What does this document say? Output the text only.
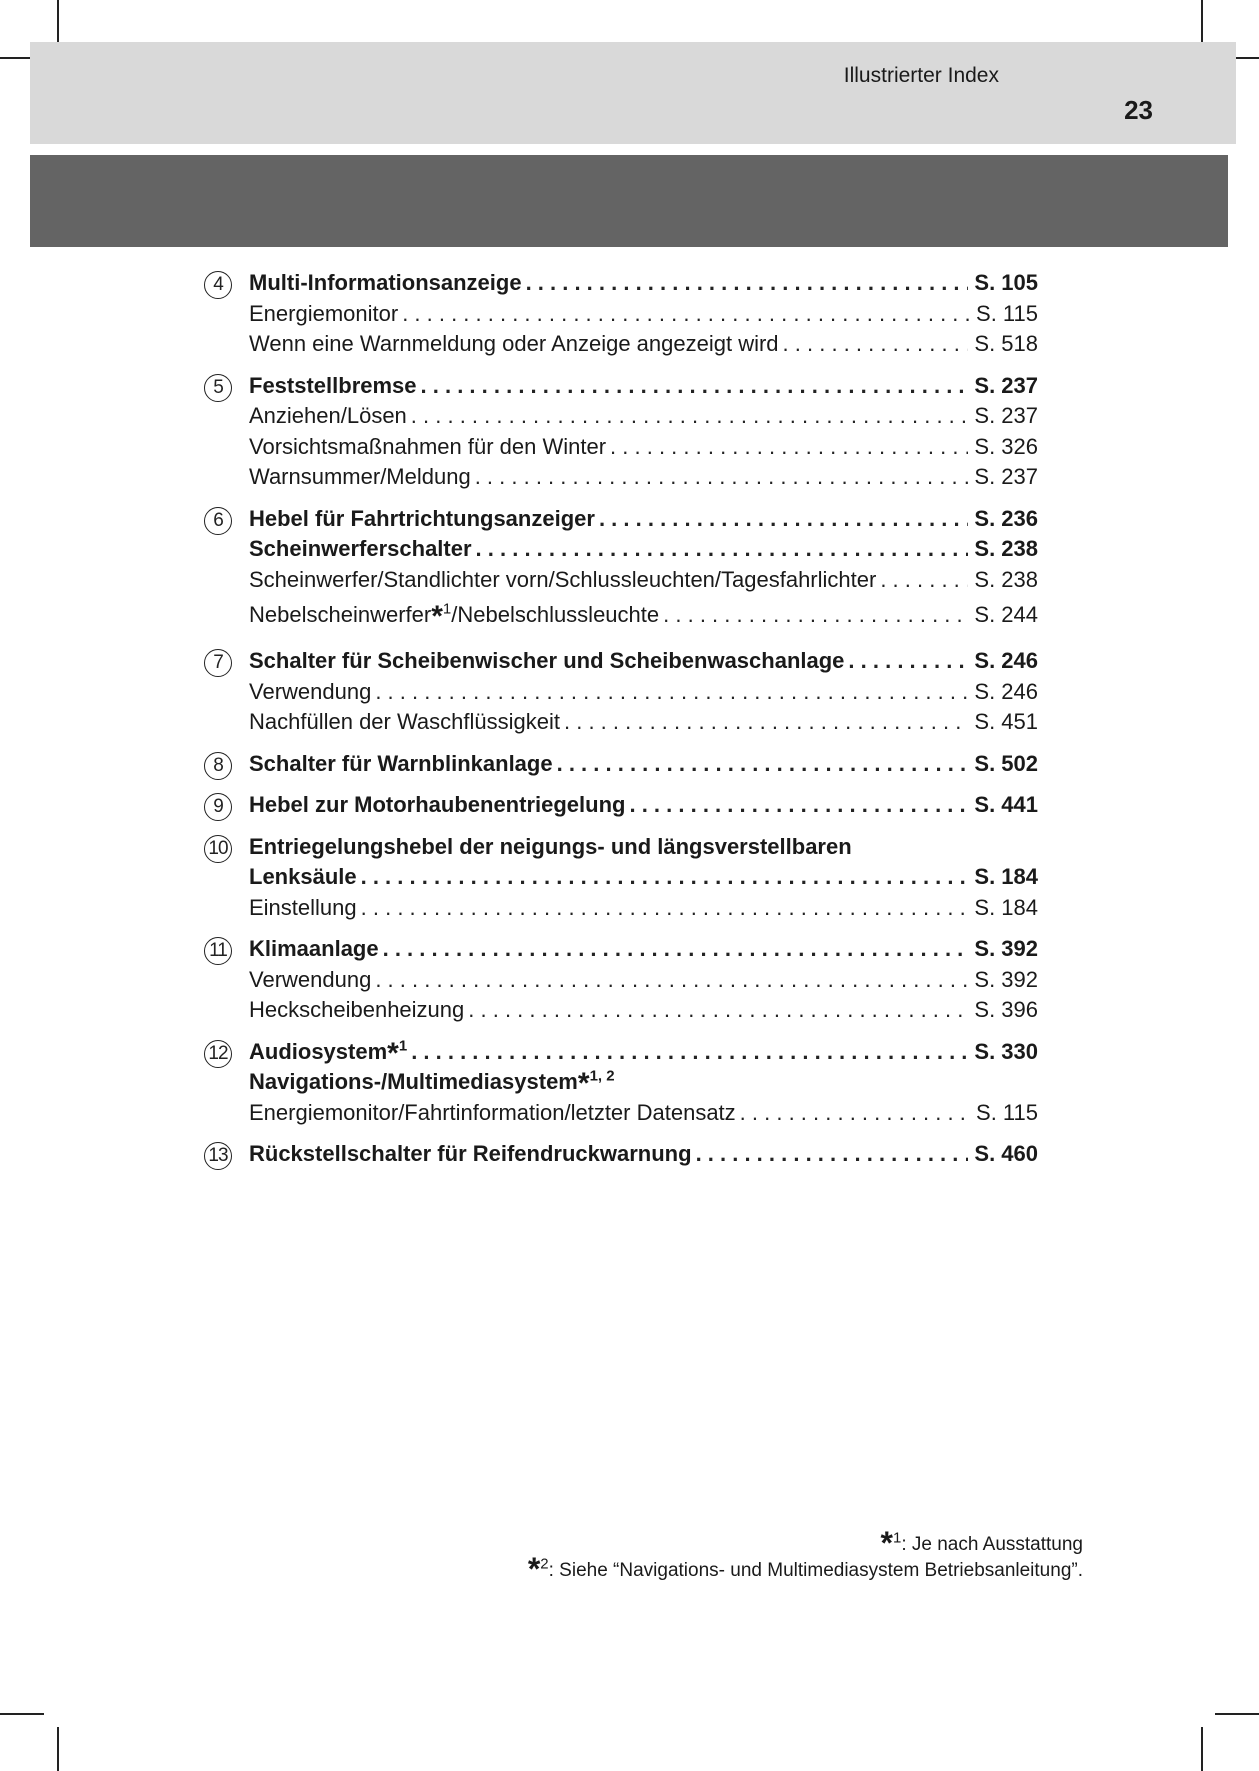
Illustrierter Index
23
4	Multi-Informationsanzeige . . .	S. 105
Energiemonitor . . .	S. 115
Wenn eine Warnmeldung oder Anzeige angezeigt wird . . .	S. 518
5	Feststellbremse . . .	S. 237
Anziehen/Lösen . . .	S. 237
Vorsichtsmaßnahmen für den Winter . . .	S. 326
Warnsummer/Meldung . . .	S. 237
6	Hebel für Fahrtrichtungsanzeiger . . .	S. 236
Scheinwerferschalter . . .	S. 238
Scheinwerfer/Standlichter vorn/Schlussleuchten/Tagesfahrlichter . . .	S. 238
Nebelscheinwerfer*$^1$/Nebelschlussleuchte . . .	S. 244
7	Schalter für Scheibenwischer und Scheibenwaschanlage . . .	S. 246
Verwendung . . .	S. 246
Nachfüllen der Waschflüssigkeit . . .	S. 451
8	Schalter für Warnblinkanlage . . .	S. 502
9	Hebel zur Motorhaubenentriegelung . . .	S. 441
10 Entriegelungshebel der neigungs- und längsverstellbaren
Lenksäule . . .	S. 184
Einstellung . . .	S. 184
11 Klimaanlage . . .	S. 392
Verwendung . . .	S. 392
Heckscheibenheizung . . .	S. 396
12 Audiosystem*$^1$ . . .	S. 330
Navigations-/Multimediasystem*$^{1, 2}$
Energiemonitor/Fahrtinformation/letzter Datensatz . . .	S. 115
13 Rückstellschalter für Reifendruckwarnung . . .	S. 460
*$^1$: Je nach Ausstattung
*$^2$: Siehe “Navigations- und Multimediasystem Betriebsanleitung”.
